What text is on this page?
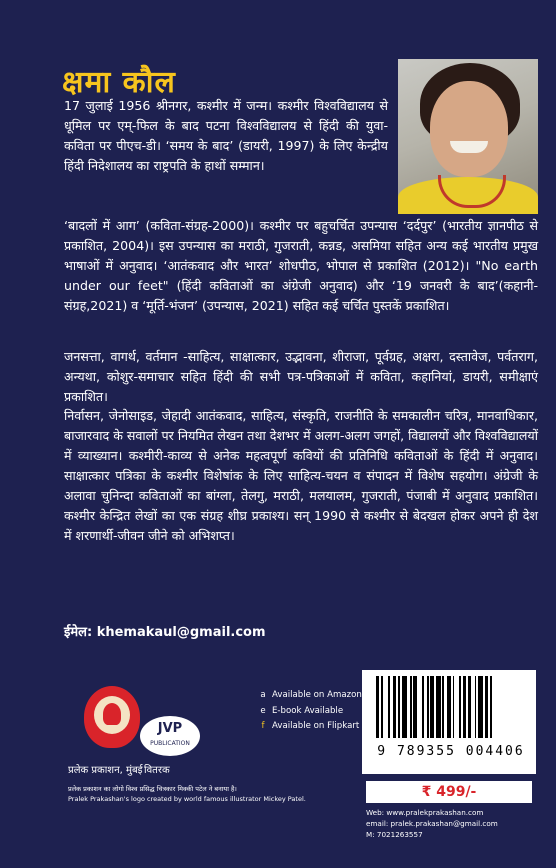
क्षमा कौल
17 जुलाई 1956 श्रीनगर, कश्मीर में जन्म। कश्मीर विश्वविद्यालय से धूमिल पर एम्-फिल के बाद पटना विश्वविद्यालय से हिंदी की युवा-कविता पर पीएच-डी। ‘समय के बाद’ (डायरी, 1997) के लिए केन्द्रीय हिंदी निदेशालय का राष्ट्रपति के हाथों सम्मान।
‘बादलों में आग’ (कविता-संग्रह-2000)। कश्मीर पर बहुचर्चित उपन्यास ‘दर्दपुर’ (भारतीय ज्ञानपीठ से प्रकाशित, 2004)। इस उपन्यास का मराठी, गुजराती, कन्नड, असमिया सहित अन्य कई भारतीय प्रमुख भाषाओं में अनुवाद। ‘आतंकवाद और भारत’ शोधपीठ, भोपाल से प्रकाशित (2012)। "No earth under our feet" (हिंदी कविताओं का अंग्रेजी अनुवाद) और ‘19 जनवरी के बाद’(कहानी-संग्रह,2021) व ‘मूर्ति-भंजन’ (उपन्यास, 2021) सहित कई चर्चित पुस्तकें प्रकाशित।
जनसत्ता, वागर्थ, वर्तमान -साहित्य, साक्षात्कार, उद्भावना, शीराजा, पूर्वग्रह, अक्षरा, दस्तावेज, पर्वतराग, अन्यथा, कोशुर-समाचार सहित हिंदी की सभी पत्र-पत्रिकाओं में कविता, कहानियां, डायरी, समीक्षाएं प्रकाशित।
निर्वासन, जेनोसाइड, जेहादी आतंकवाद, साहित्य, संस्कृति, राजनीति के समकालीन चरित्र, मानवाधिकार, बाजारवाद के सवालों पर नियमित लेखन तथा देशभर में अलग-अलग जगहों, विद्यालयों और विश्वविद्यालयों में व्याख्यान। कश्मीरी-काव्य से अनेक महत्वपूर्ण कवियों की प्रतिनिधि कविताओं के हिंदी में अनुवाद। साक्षात्कार पत्रिका के कश्मीर विशेषांक के लिए साहित्य-चयन व संपादन में विशेष सहयोग। अंग्रेजी के अलावा चुनिन्दा कविताओं का बांग्ला, तेलगु, मराठी, मलयालम, गुजराती, पंजाबी में अनुवाद प्रकाशित। कश्मीर केन्द्रित लेखों का एक संग्रह शीघ्र प्रकाश्य। सन् 1990 से कश्मीर से बेदखल होकर अपने ही देश में शरणार्थी-जीवन जीने को अभिशप्त।
ईमेल: khemakaul@gmail.com
JVP
PUBLICATION
प्रलेक प्रकाशन, मुंबई वितरक
a Available on Amazon
e E-book Available
f Available on Flipkart
9 789355 004406
₹ 499/-
Web: www.pralekprakashan.com
email: pralek.prakashan@gmail.com
M: 7021263557
प्रलेक प्रकाशन का लोगो विश्व प्रसिद्ध चित्रकार मिक्की पटेल ने बनाया है।
Pralek Prakashan's logo created by world famous illustrator Mickey Patel.
